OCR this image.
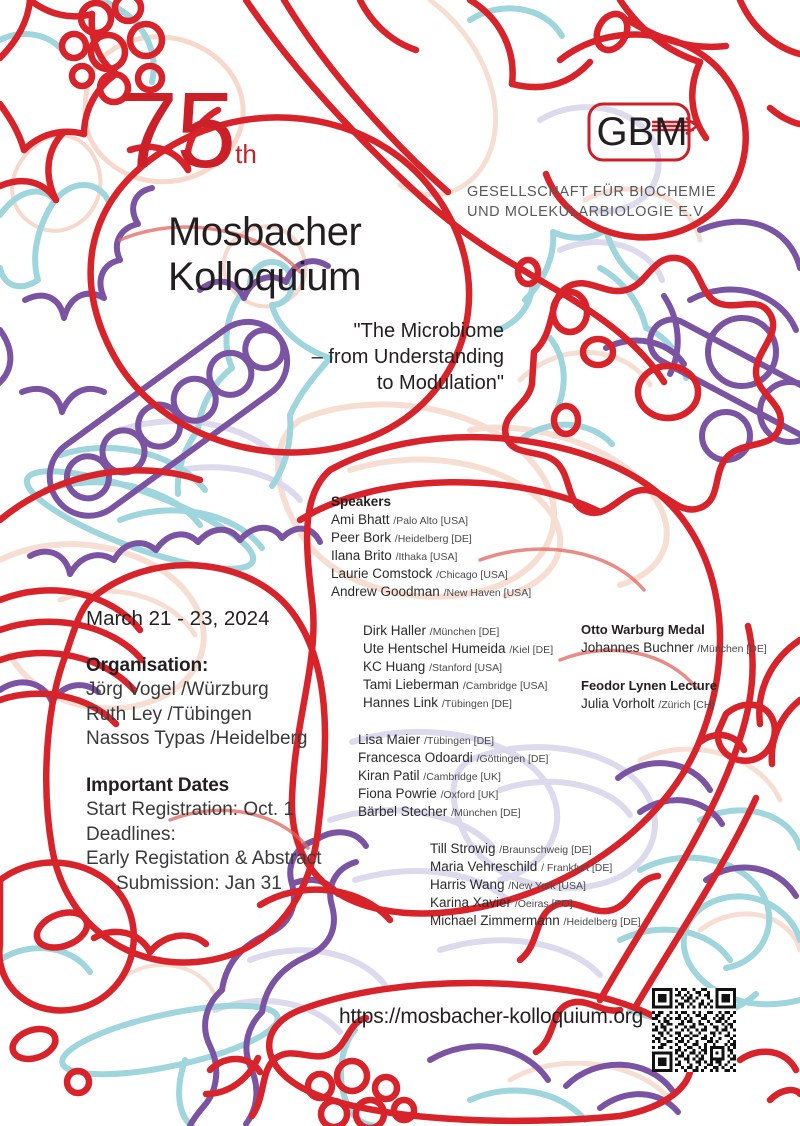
75th
Mosbacher
Kolloquium
"The Microbiome
– from Understanding
to Modulation"
GBM
GESELLSCHAFT FÜR BIOCHEMIE
UND MOLEKULARBIOLOGIE E.V.
March 21 - 23, 2024
Organisation:
Jörg Vogel /Würzburg
Ruth Ley /Tübingen
Nassos Typas /Heidelberg
Important Dates
Start Registration: Oct. 1
Deadlines:
Early Registation & Abstract
Submission: Jan 31
Speakers
Ami Bhatt /Palo Alto [USA]
Peer Bork /Heidelberg [DE]
Ilana Brito /Ithaka [USA]
Laurie Comstock /Chicago [USA]
Andrew Goodman /New Haven [USA]
Dirk Haller /München [DE]
Ute Hentschel Humeida /Kiel [DE]
KC Huang /Stanford [USA]
Tami Lieberman /Cambridge [USA]
Hannes Link /Tübingen [DE]
Lisa Maier /Tübingen [DE]
Francesca Odoardi /Göttingen [DE]
Kiran Patil /Cambridge [UK]
Fiona Powrie /Oxford [UK]
Bärbel Stecher /München [DE]
Till Strowig /Braunschweig [DE]
Maria Vehreschild / Frankfurt [DE]
Harris Wang /New York [USA]
Karina Xavier /Oeiras [PO]
Michael Zimmermann /Heidelberg [DE]
Otto Warburg Medal
Johannes Buchner /München [DE]
Feodor Lynen Lecture
Julia Vorholt /Zürich [CH]
https://mosbacher-kolloquium.org
